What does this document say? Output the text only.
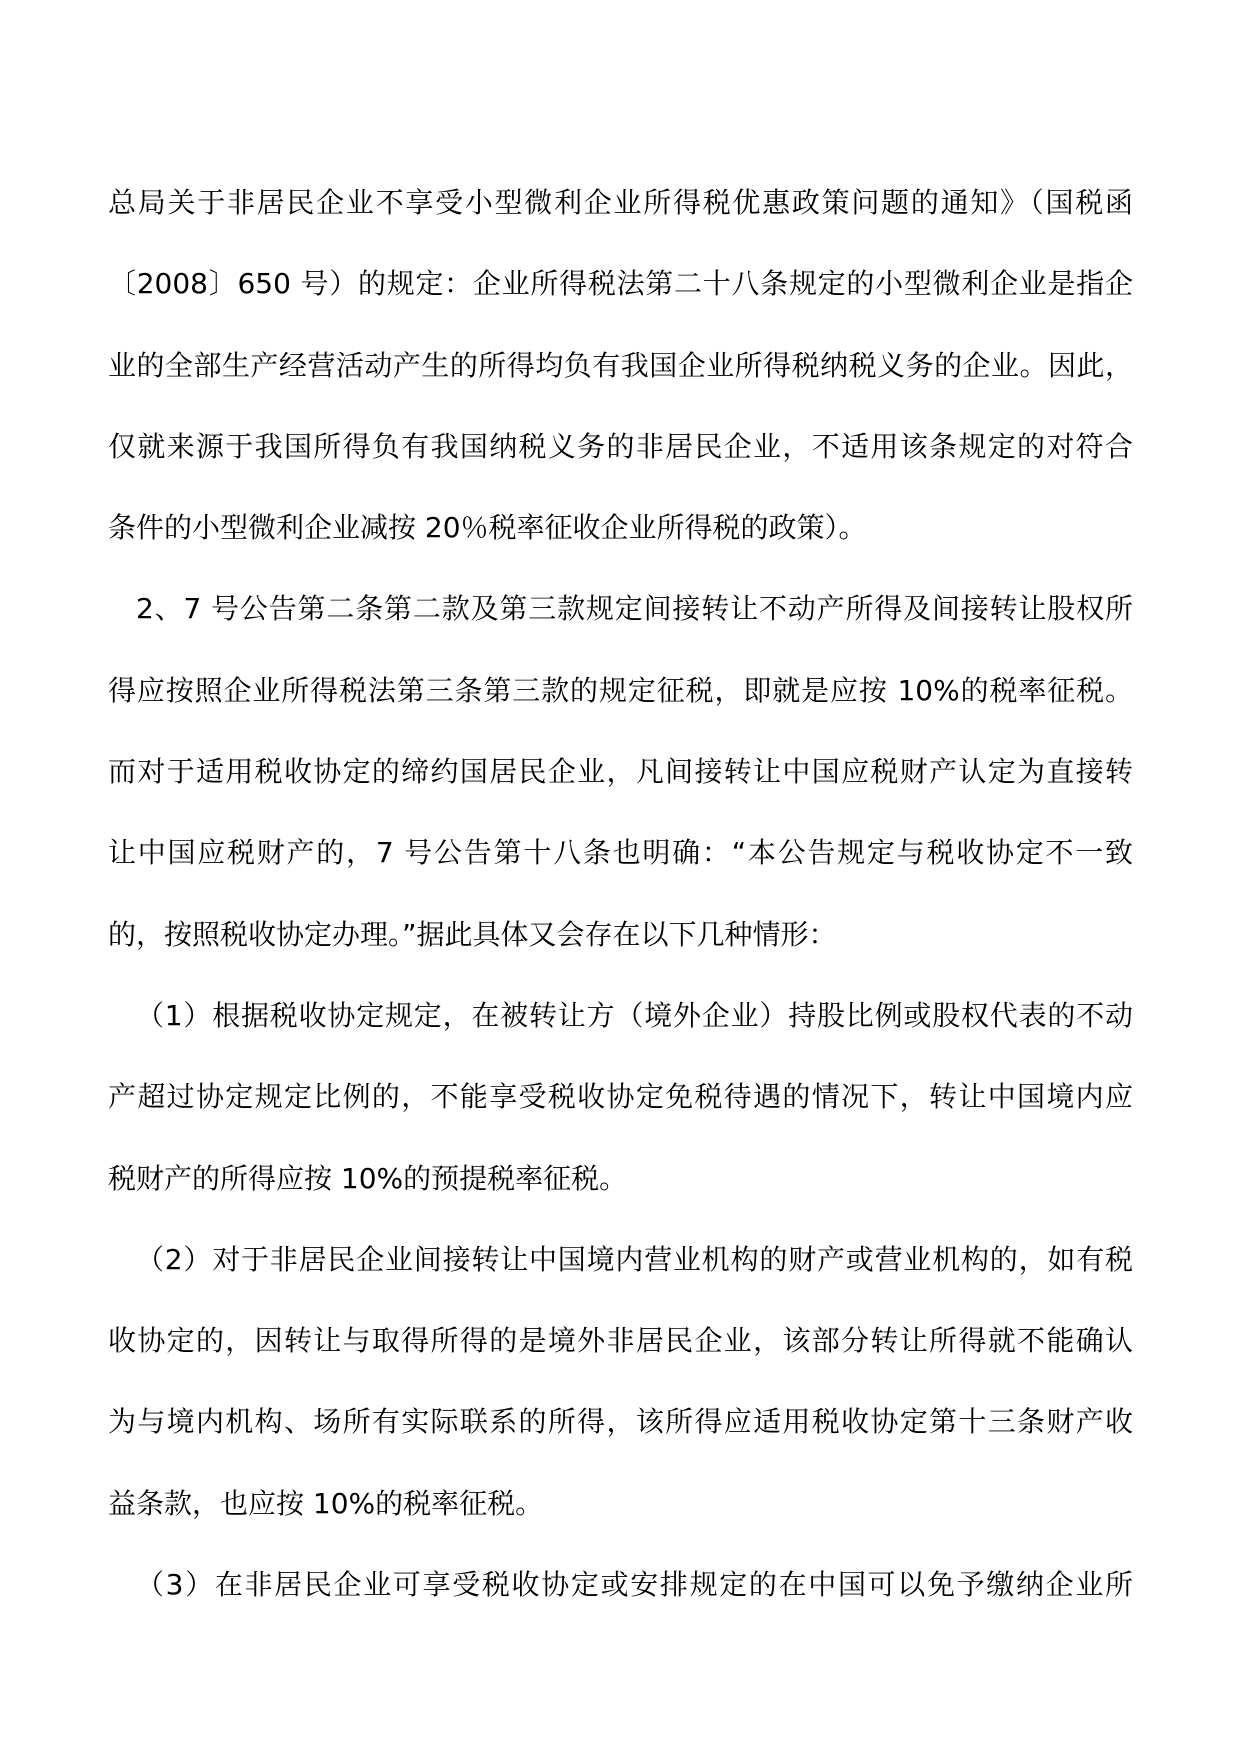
总局关于非居民企业不享受小型微利企业所得税优惠政策问题的通知》（国税函
〔2008〕650 号）的规定：企业所得税法第二十八条规定的小型微利企业是指企
业的全部生产经营活动产生的所得均负有我国企业所得税纳税义务的企业。因此，
仅就来源于我国所得负有我国纳税义务的非居民企业，不适用该条规定的对符合
条件的小型微利企业减按 20％税率征收企业所得税的政策）。

2、7 号公告第二条第二款及第三款规定间接转让不动产所得及间接转让股权所
得应按照企业所得税法第三条第三款的规定征税，即就是应按 10%的税率征税。
而对于适用税收协定的缔约国居民企业，凡间接转让中国应税财产认定为直接转
让中国应税财产的，7 号公告第十八条也明确：“本公告规定与税收协定不一致
的，按照税收协定办理。”据此具体又会存在以下几种情形：

（1）根据税收协定规定，在被转让方（境外企业）持股比例或股权代表的不动
产超过协定规定比例的，不能享受税收协定免税待遇的情况下，转让中国境内应
税财产的所得应按 10%的预提税率征税。

（2）对于非居民企业间接转让中国境内营业机构的财产或营业机构的，如有税
收协定的，因转让与取得所得的是境外非居民企业，该部分转让所得就不能确认
为与境内机构、场所有实际联系的所得，该所得应适用税收协定第十三条财产收
益条款，也应按 10%的税率征税。

（3）在非居民企业可享受税收协定或安排规定的在中国可以免予缴纳企业所
